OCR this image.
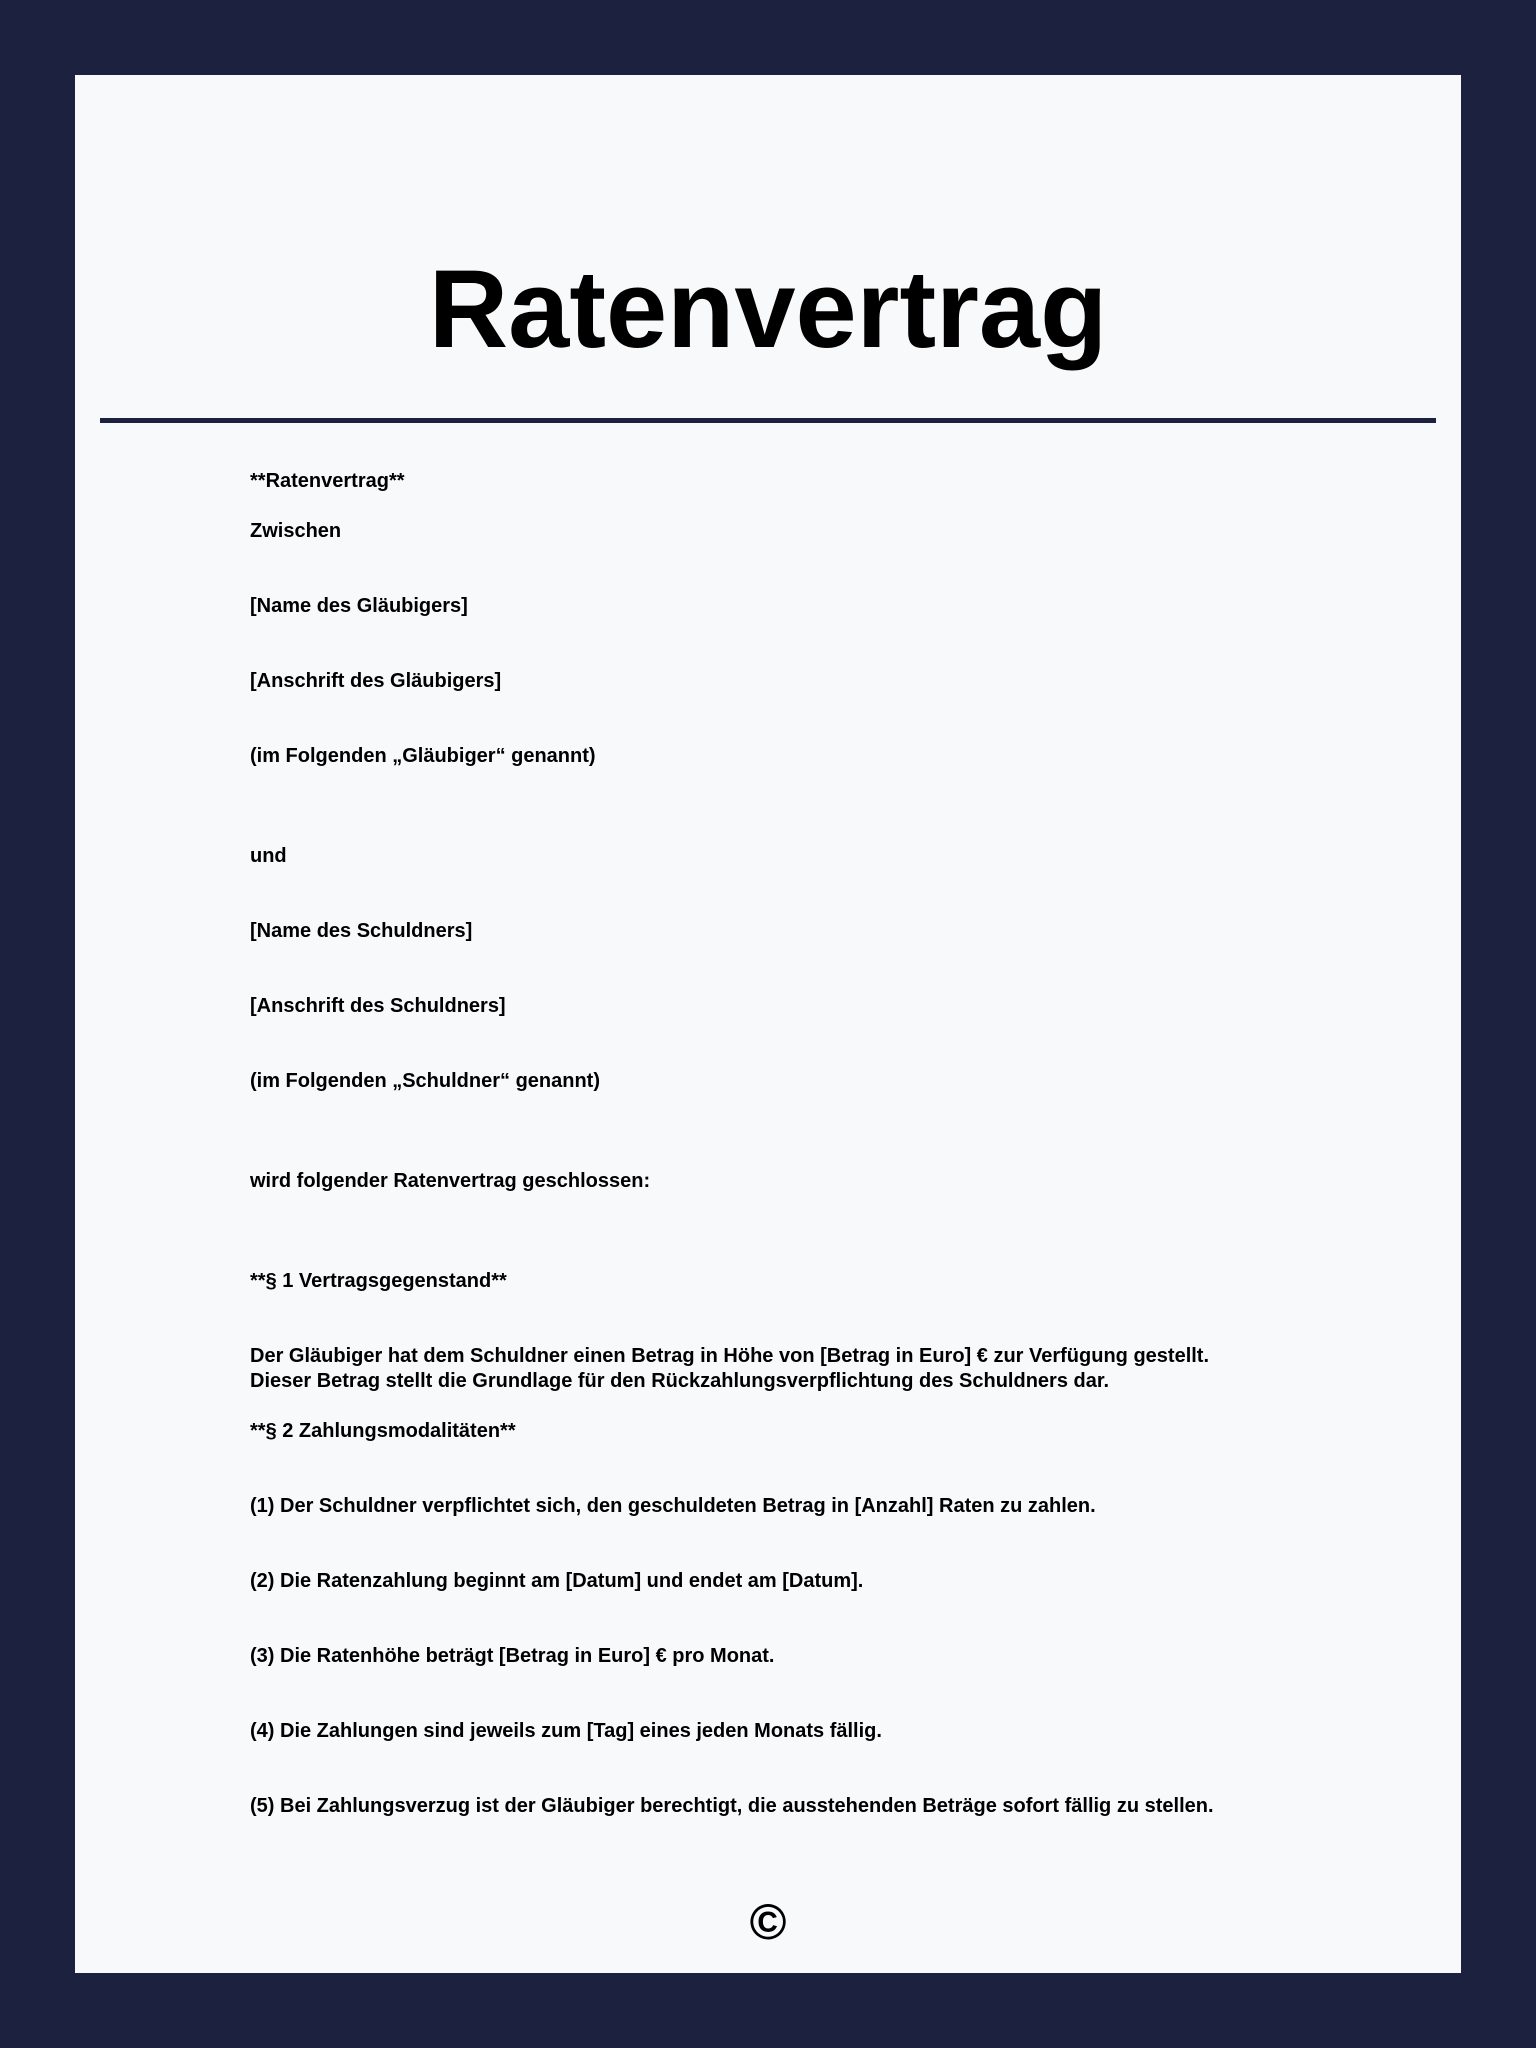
Ratenvertrag

**Ratenvertrag**

Zwischen

[Name des Gläubigers]

[Anschrift des Gläubigers]

(im Folgenden „Gläubiger“ genannt)

und

[Name des Schuldners]

[Anschrift des Schuldners]

(im Folgenden „Schuldner“ genannt)

wird folgender Ratenvertrag geschlossen:

**§ 1 Vertragsgegenstand**

Der Gläubiger hat dem Schuldner einen Betrag in Höhe von [Betrag in Euro] € zur Verfügung gestellt.

Dieser Betrag stellt die Grundlage für den Rückzahlungsverpflichtung des Schuldners dar.

**§ 2 Zahlungsmodalitäten**

(1) Der Schuldner verpflichtet sich, den geschuldeten Betrag in [Anzahl] Raten zu zahlen.

(2) Die Ratenzahlung beginnt am [Datum] und endet am [Datum].

(3) Die Ratenhöhe beträgt [Betrag in Euro] € pro Monat.

(4) Die Zahlungen sind jeweils zum [Tag] eines jeden Monats fällig.

(5) Bei Zahlungsverzug ist der Gläubiger berechtigt, die ausstehenden Beträge sofort fällig zu stellen.

©
